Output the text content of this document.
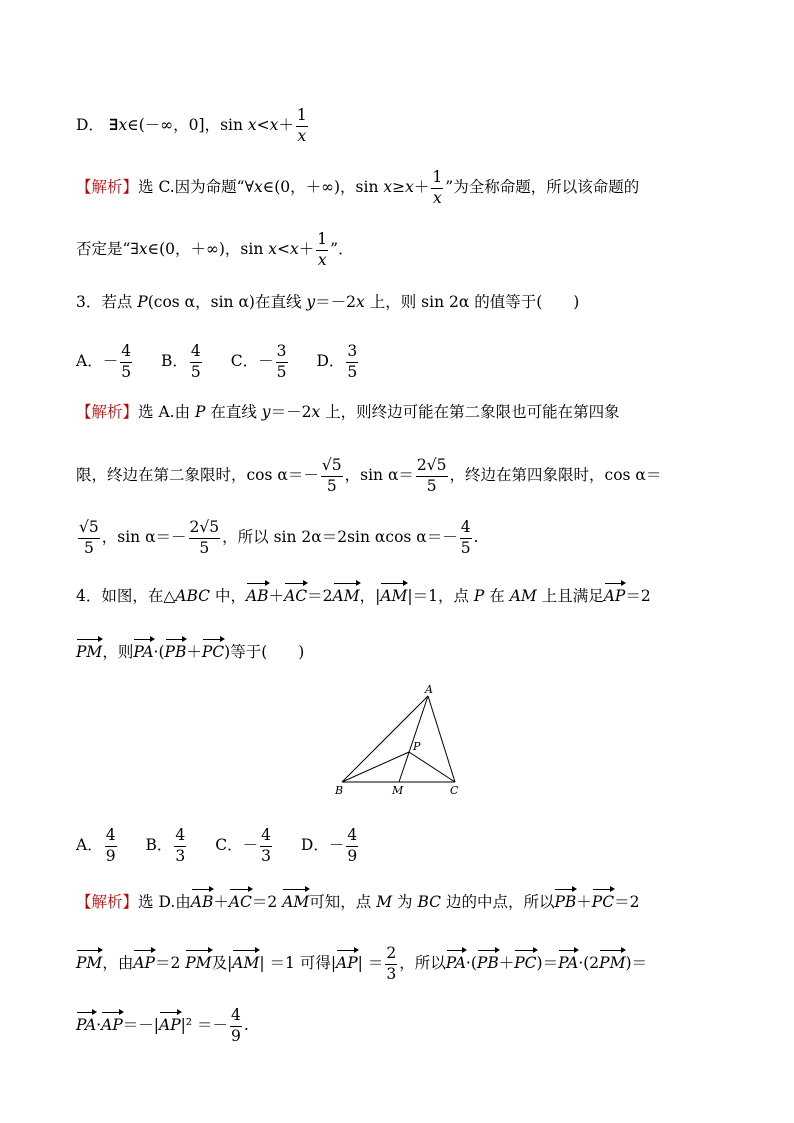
D． ∃x∈(－∞，0]，$\sin x<x+ \frac{1}{x}$
【解析】选 C.因为命题“∀x∈(0，＋∞)，$\sin x\ge x+ \frac{1}{x}$ ”为全称命题，所以该命题的
否定是“∃x∈(0，＋∞)，$\sin x<x+ \frac{1}{x}$ ”．
3．若点 P(cos α，sin α)在直线 y＝－2x 上，则 sin 2α 的值等于(　　)
A．－ $\frac{4}{5}$ B． $\frac{4}{5}$ C．－ $\frac{3}{5}$ D． $\frac{3}{5}$
【解析】选 A.由 P 在直线 y＝－2x 上，则终边可能在第二象限也可能在第四象
限，终边在第二象限时，$\cos \alpha=- \frac{√5}{5}$ ，$\sin \alpha= \frac{2√5}{5}$ ，终边在第四象限时，cos α＝
$\frac{√5}{5}$ ，$\sin \alpha=- \frac{2√5}{5}$ ，所以 sin 2α＝2sin αcos $\alpha=- \frac{4}{5}$ .
4．如图，在△ABC 中，AB＋AC＝2AM，|AM|＝1，点 P 在 AM 上且满足AP＝2
PM，则PA·(PB＋PC)等于(　　)
A
B	C
M
P
A． $\frac{4}{9}$ B． $\frac{4}{3}$ C．－ $\frac{4}{3}$ D．－ $\frac{4}{9}$
【解析】选 D.由AB＋AC＝2 AM可知，点 M 为 BC 边的中点，所以PB＋PC＝2
PM，由AP＝2 PM及|AM| ＝1 可得$|AP| = \frac{2}{3}$ ，所以PA·(PB＋PC)＝PA·(2PM)＝
$PA\cdot AP=-|AP|^2 =- \frac{4}{9}$ .
